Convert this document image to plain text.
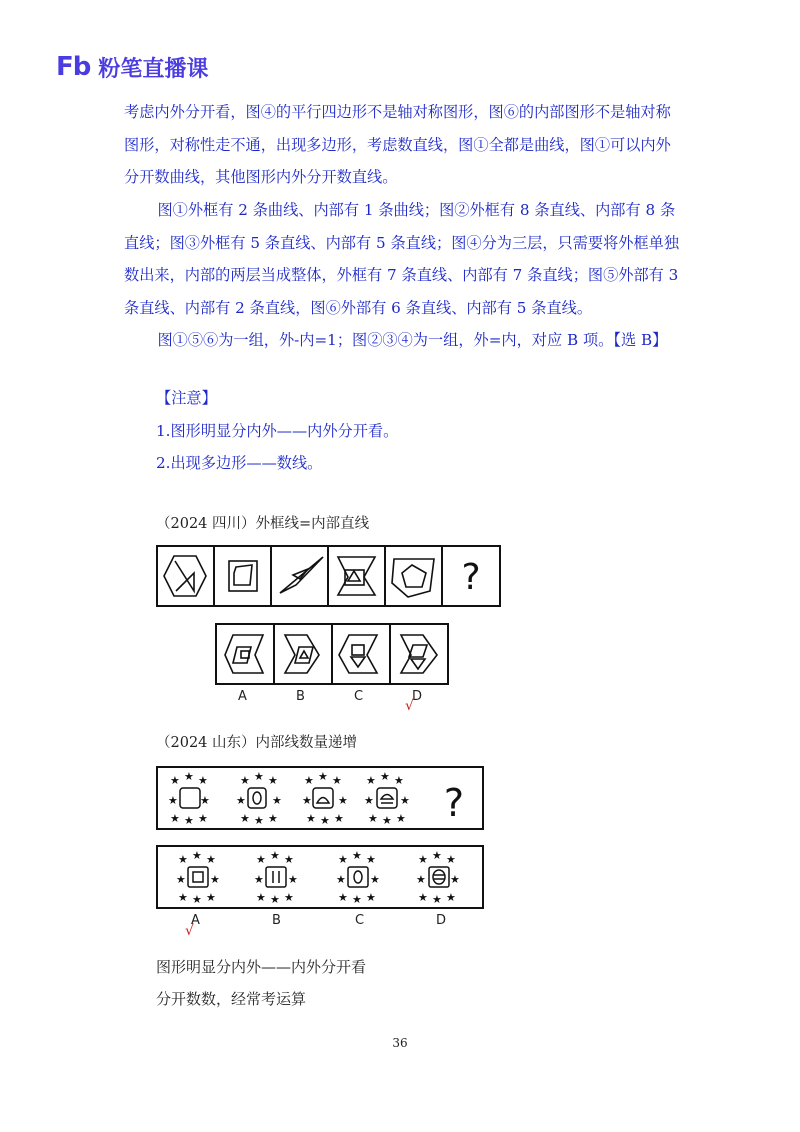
Fb 粉笔直播课

考虑内外分开看，图④的平行四边形不是轴对称图形，图⑥的内部图形不是轴对称图形，对称性走不通，出现多边形，考虑数直线，图①全都是曲线，图①可以内外分开数曲线，其他图形内外分开数直线。

图①外框有 2 条曲线、内部有 1 条曲线；图②外框有 8 条直线、内部有 8 条直线；图③外框有 5 条直线、内部有 5 条直线；图④分为三层，只需要将外框单独数出来，内部的两层当成整体，外框有 7 条直线、内部有 7 条直线；图⑤外部有 3 条直线、内部有 2 条直线，图⑥外部有 6 条直线、内部有 5 条直线。

图①⑤⑥为一组，外-内=1；图②③④为一组，外=内，对应 B 项。【选 B】

【注意】
1.图形明显分内外——内外分开看。
2.出现多边形——数线。
（2024 四川）外框线=内部直线
?
A	B	C	D
√
（2024 山东）内部线数量递增
★ ★ ★
★ ★
★ ★ ★
★ ★ ★
★ ★
★ ★ ★
★ ★ ★
★ ★
★ ★ ★
★ ★ ★
★ ★
★ ★ ★ ?
★ ★ ★
★ ★
★ ★ ★
★ ★ ★
★ ★
★ ★ ★
★ ★ ★
★ ★
★ ★ ★
★ ★ ★
★ ★
★ ★ ★
A	B	C	D
√
图形明显分内外——内外分开看
分开数数，经常考运算
36
